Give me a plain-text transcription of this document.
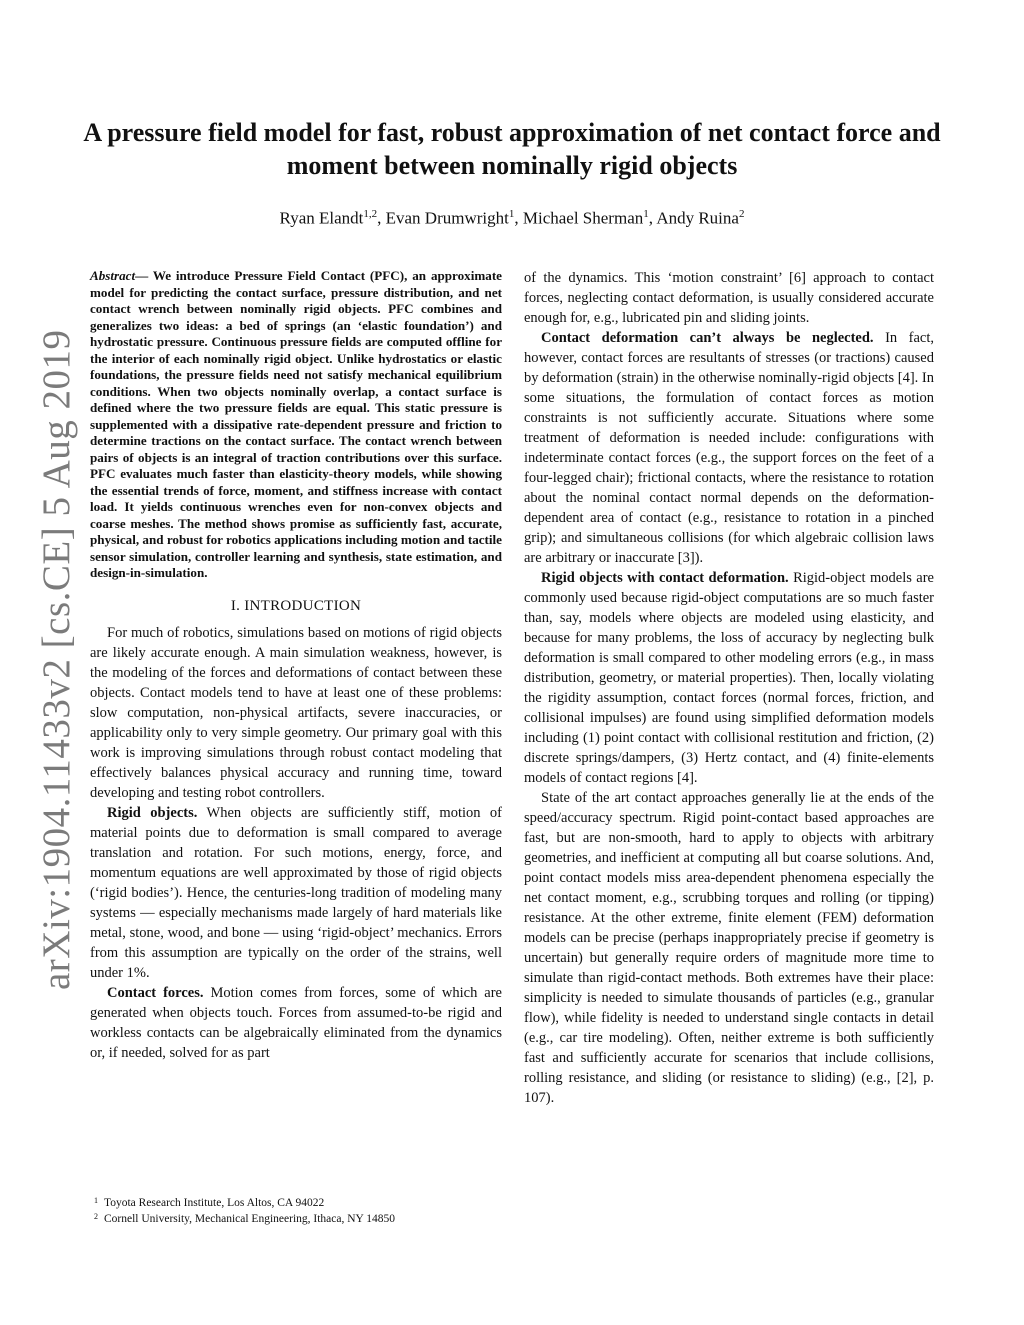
arXiv:1904.11433v2 [cs.CE] 5 Aug 2019
A pressure field model for fast, robust approximation of net contact force and moment between nominally rigid objects
Ryan Elandt$^{1,2}$, Evan Drumwright$^1$, Michael Sherman$^1$, Andy Ruina$^2$

Abstract— We introduce Pressure Field Contact (PFC), an approximate model for predicting the contact surface, pressure distribution, and net contact wrench between nominally rigid objects. PFC combines and generalizes two ideas: a bed of springs (an ‘elastic foundation’) and hydrostatic pressure. Continuous pressure fields are computed offline for the interior of each nominally rigid object. Unlike hydrostatics or elastic foundations, the pressure fields need not satisfy mechanical equilibrium conditions. When two objects nominally overlap, a contact surface is defined where the two pressure fields are equal. This static pressure is supplemented with a dissipative rate-dependent pressure and friction to determine tractions on the contact surface. The contact wrench between pairs of objects is an integral of traction contributions over this surface. PFC evaluates much faster than elasticity-theory models, while showing the essential trends of force, moment, and stiffness increase with contact load. It yields continuous wrenches even for non-convex objects and coarse meshes. The method shows promise as sufficiently fast, accurate, physical, and robust for robotics applications including motion and tactile sensor simulation, controller learning and synthesis, state estimation, and design-in-simulation.

I. INTRODUCTION

For much of robotics, simulations based on motions of rigid objects are likely accurate enough. A main simulation weakness, however, is the modeling of the forces and deformations of contact between these objects. Contact models tend to have at least one of these problems: slow computation, non-physical artifacts, severe inaccuracies, or applicability only to very simple geometry. Our primary goal with this work is improving simulations through robust contact modeling that effectively balances physical accuracy and running time, toward developing and testing robot controllers.

Rigid objects. When objects are sufficiently stiff, motion of material points due to deformation is small compared to average translation and rotation. For such motions, energy, force, and momentum equations are well approximated by those of rigid objects (‘rigid bodies’). Hence, the centuries-long tradition of modeling many systems — especially mechanisms made largely of hard materials like metal, stone, wood, and bone — using ‘rigid-object’ mechanics. Errors from this assumption are typically on the order of the strains, well under 1%.

Contact forces. Motion comes from forces, some of which are generated when objects touch. Forces from assumed-to-be rigid and workless contacts can be algebraically eliminated from the dynamics or, if needed, solved for as part

1 Toyota Research Institute, Los Altos, CA 94022
2 Cornell University, Mechanical Engineering, Ithaca, NY 14850

of the dynamics. This ‘motion constraint’ [6] approach to contact forces, neglecting contact deformation, is usually considered accurate enough for, e.g., lubricated pin and sliding joints.

Contact deformation can’t always be neglected. In fact, however, contact forces are resultants of stresses (or tractions) caused by deformation (strain) in the otherwise nominally-rigid objects [4]. In some situations, the formulation of contact forces as motion constraints is not sufficiently accurate. Situations where some treatment of deformation is needed include: configurations with indeterminate contact forces (e.g., the support forces on the feet of a four-legged chair); frictional contacts, where the resistance to rotation about the nominal contact normal depends on the deformation-dependent area of contact (e.g., resistance to rotation in a pinched grip); and simultaneous collisions (for which algebraic collision laws are arbitrary or inaccurate [3]).

Rigid objects with contact deformation. Rigid-object models are commonly used because rigid-object computations are so much faster than, say, models where objects are modeled using elasticity, and because for many problems, the loss of accuracy by neglecting bulk deformation is small compared to other modeling errors (e.g., in mass distribution, geometry, or material properties). Then, locally violating the rigidity assumption, contact forces (normal forces, friction, and collisional impulses) are found using simplified deformation models including (1) point contact with collisional restitution and friction, (2) discrete springs/dampers, (3) Hertz contact, and (4) finite-elements models of contact regions [4].

State of the art contact approaches generally lie at the ends of the speed/accuracy spectrum. Rigid point-contact based approaches are fast, but are non-smooth, hard to apply to objects with arbitrary geometries, and inefficient at computing all but coarse solutions. And, point contact models miss area-dependent phenomena especially the net contact moment, e.g., scrubbing torques and rolling (or tipping) resistance. At the other extreme, finite element (FEM) deformation models can be precise (perhaps inappropriately precise if geometry is uncertain) but generally require orders of magnitude more time to simulate than rigid-contact methods. Both extremes have their place: simplicity is needed to simulate thousands of particles (e.g., granular flow), while fidelity is needed to understand single contacts in detail (e.g., car tire modeling). Often, neither extreme is both sufficiently fast and sufficiently accurate for scenarios that include collisions, rolling resistance, and sliding (or resistance to sliding) (e.g., [2], p. 107).
